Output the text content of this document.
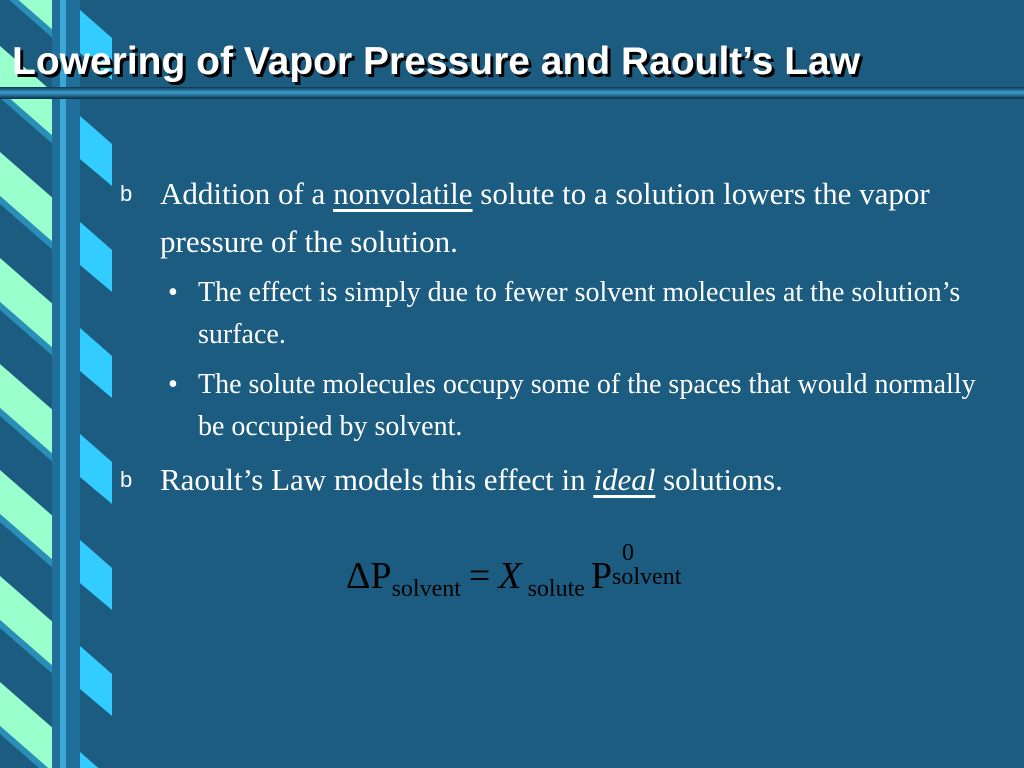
Lowering of Vapor Pressure and Raoult’s Law
b Addition of a nonvolatile solute to a solution lowers the vapor pressure of the solution.
• The effect is simply due to fewer solvent molecules at the solution’s surface.
• The solute molecules occupy some of the spaces that would normally be occupied by solvent.
b Raoult’s Law models this effect in ideal solutions.
ΔPsolvent = X solute P
0
solvent
